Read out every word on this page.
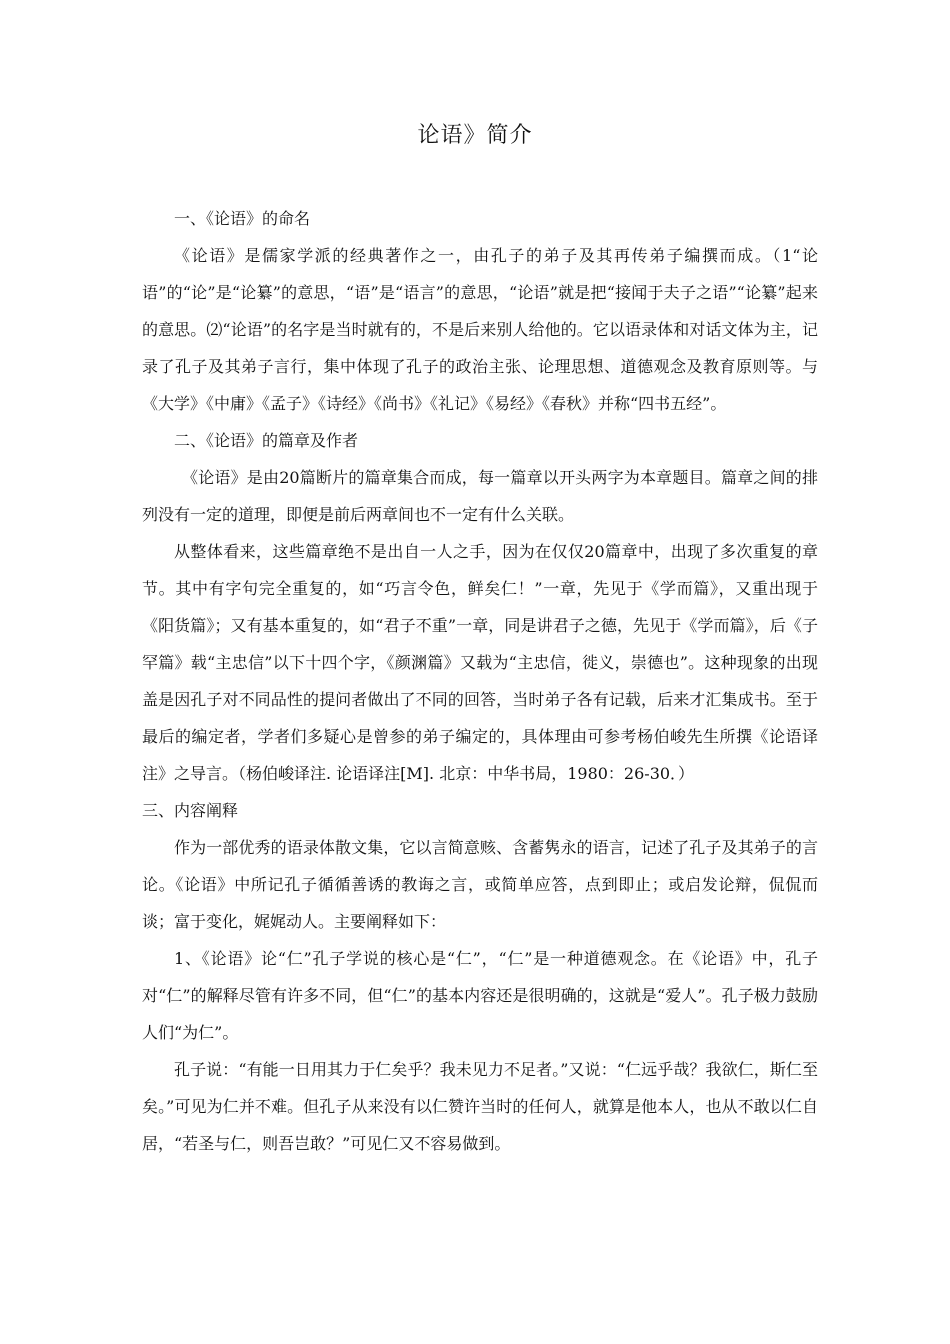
论语》简介

一、《论语》的命名

《论语》是儒家学派的经典著作之一，由孔子的弟子及其再传弟子编撰而成。（1“论语”的“论”是“论纂”的意思，“语”是“语言”的意思，“论语”就是把“接闻于夫子之语”“论纂”起来的意思。⑵“论语”的名字是当时就有的，不是后来别人给他的。它以语录体和对话文体为主，记录了孔子及其弟子言行，集中体现了孔子的政治主张、论理思想、道德观念及教育原则等。与《大学》《中庸》《孟子》《诗经》《尚书》《礼记》《易经》《春秋》并称“四书五经”。

二、《论语》的篇章及作者

《论语》是由20篇断片的篇章集合而成，每一篇章以开头两字为本章题目。篇章之间的排列没有一定的道理，即便是前后两章间也不一定有什么关联。

从整体看来，这些篇章绝不是出自一人之手，因为在仅仅20篇章中，出现了多次重复的章节。其中有字句完全重复的，如“巧言令色，鲜矣仁！”一章，先见于《学而篇》，又重出现于《阳货篇》；又有基本重复的，如“君子不重”一章，同是讲君子之德，先见于《学而篇》，后《子罕篇》载“主忠信”以下十四个字，《颜渊篇》又载为“主忠信，徙义，崇德也”。这种现象的出现盖是因孔子对不同品性的提问者做出了不同的回答，当时弟子各有记载，后来才汇集成书。至于最后的编定者，学者们多疑心是曾参的弟子编定的，具体理由可参考杨伯峻先生所撰《论语译注》之导言。（杨伯峻译注. 论语译注[M]. 北京：中华书局，1980：26-30．）

三、内容阐释

作为一部优秀的语录体散文集，它以言简意赅、含蓄隽永的语言，记述了孔子及其弟子的言论。《论语》中所记孔子循循善诱的教诲之言，或简单应答，点到即止；或启发论辩，侃侃而谈；富于变化，娓娓动人。主要阐释如下：

1、《论语》论“仁”孔子学说的核心是“仁”，“仁”是一种道德观念。在《论语》中，孔子对“仁”的解释尽管有许多不同，但“仁”的基本内容还是很明确的，这就是“爱人”。孔子极力鼓励人们“为仁”。

孔子说：“有能一日用其力于仁矣乎？我未见力不足者。”又说：“仁远乎哉？我欲仁，斯仁至矣。”可见为仁并不难。但孔子从来没有以仁赞许当时的任何人，就算是他本人，也从不敢以仁自居，“若圣与仁，则吾岂敢？”可见仁又不容易做到。
